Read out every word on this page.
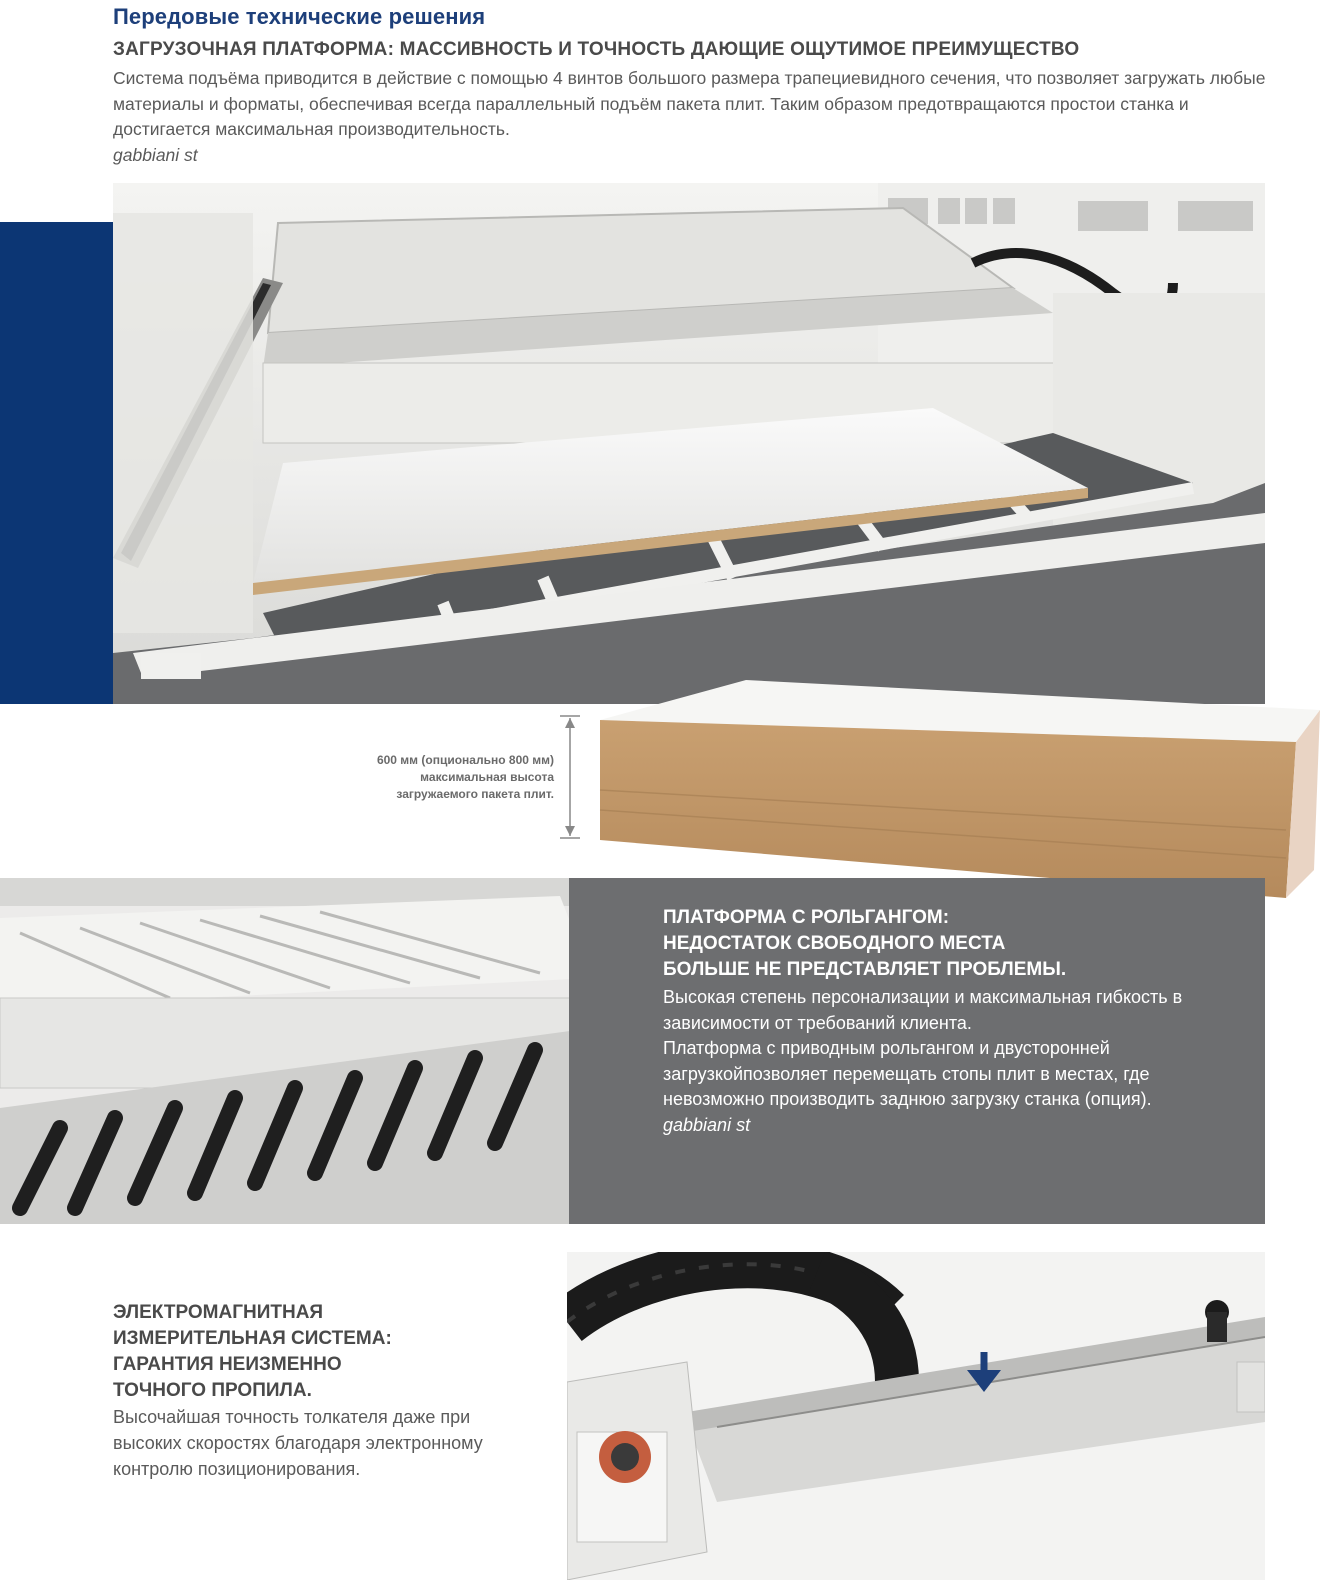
Передовые технические решения
ЗАГРУЗОЧНАЯ ПЛАТФОРМА: МАССИВНОСТЬ И ТОЧНОСТЬ ДАЮЩИЕ ОЩУТИМОЕ ПРЕИМУЩЕСТВО
Система подъёма приводится в действие с помощью 4 винтов большого размера трапециевидного сечения, что позволяет загружать любые материалы и форматы, обеспечивая всегда параллельный подъём пакета плит. Таким образом предотвращаются простои станка и достигается максимальная производительность.
gabbiani st
600 мм (опционально 800 мм)
максимальная высота
загружаемого пакета плит.
ПЛАТФОРМА С РОЛЬГАНГОМ:
НЕДОСТАТОК СВОБОДНОГО МЕСТА
БОЛЬШЕ НЕ ПРЕДСТАВЛЯЕТ ПРОБЛЕМЫ.
Высокая степень персонализации и максимальная гибкость в зависимости от требований клиента.
Платформа с приводным рольгангом и двусторонней загрузкойпозволяет перемещать стопы плит в местах, где невозможно производить заднюю загрузку станка (опция).
gabbiani st
ЭЛЕКТРОМАГНИТНАЯ
ИЗМЕРИТЕЛЬНАЯ СИСТЕМА:
ГАРАНТИЯ НЕИЗМЕННО
ТОЧНОГО ПРОПИЛА.
Высочайшая точность толкателя даже при высоких скоростях благодаря электронному контролю позиционирования.
